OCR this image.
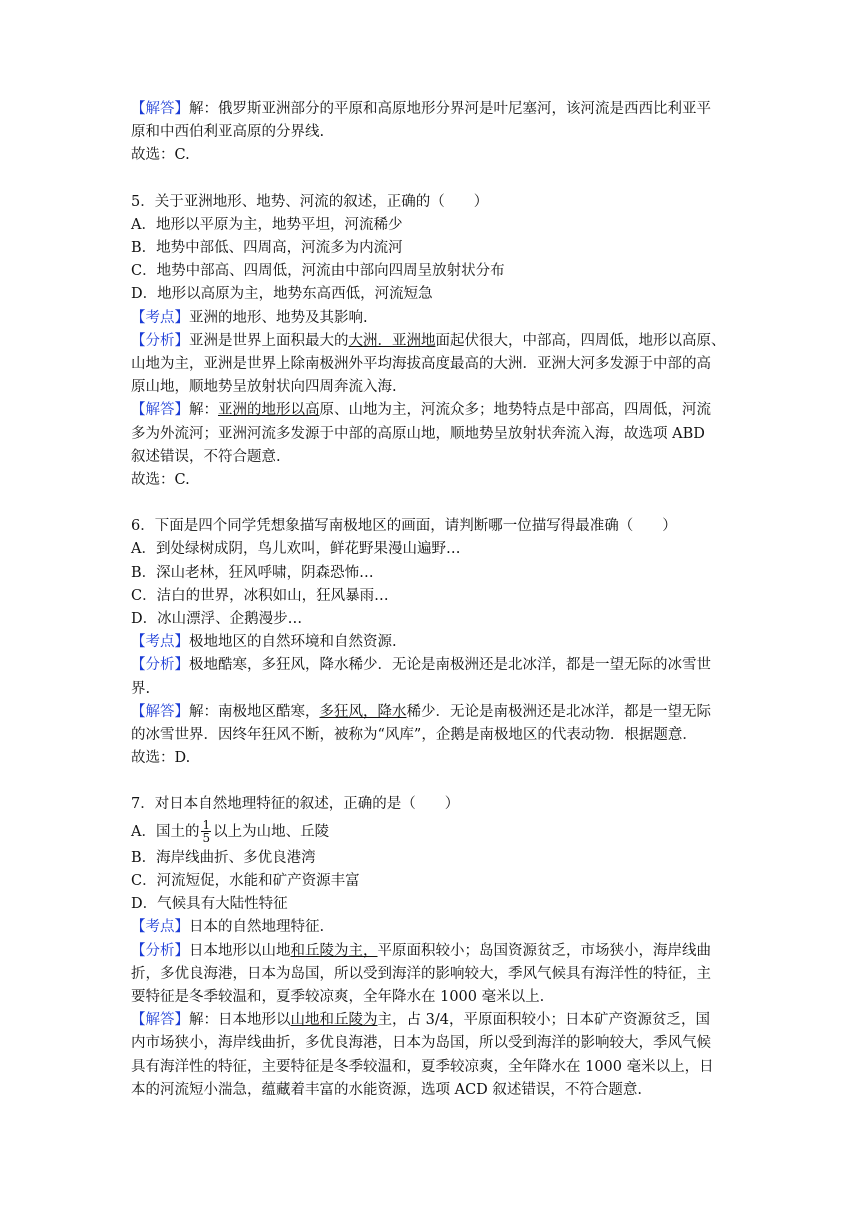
【解答】解：俄罗斯亚洲部分的平原和高原地形分界河是叶尼塞河，该河流是西西比利亚平
原和中西伯利亚高原的分界线.
故选：C.
5．关于亚洲地形、地势、河流的叙述，正确的（　　）
A．地形以平原为主，地势平坦，河流稀少
B．地势中部低、四周高，河流多为内流河
C．地势中部高、四周低，河流由中部向四周呈放射状分布
D．地形以高原为主，地势东高西低，河流短急
【考点】亚洲的地形、地势及其影响.
【分析】亚洲是世界上面积最大的大洲．亚洲地面起伏很大，中部高，四周低，地形以高原、
山地为主，亚洲是世界上除南极洲外平均海拔高度最高的大洲．亚洲大河多发源于中部的高
原山地，顺地势呈放射状向四周奔流入海.
【解答】解：亚洲的地形以高原、山地为主，河流众多；地势特点是中部高，四周低，河流
多为外流河；亚洲河流多发源于中部的高原山地，顺地势呈放射状奔流入海，故选项 ABD
叙述错误，不符合题意.
故选：C.
6．下面是四个同学凭想象描写南极地区的画面，请判断哪一位描写得最准确（　　）
A．到处绿树成阴，鸟儿欢叫，鲜花野果漫山遍野…
B．深山老林，狂风呼啸，阴森恐怖…
C．洁白的世界，冰积如山，狂风暴雨…
D．冰山漂浮、企鹅漫步…
【考点】极地地区的自然环境和自然资源.
【分析】极地酷寒，多狂风，降水稀少．无论是南极洲还是北冰洋，都是一望无际的冰雪世
界.
【解答】解：南极地区酷寒，多狂风，降水稀少．无论是南极洲还是北冰洋，都是一望无际
的冰雪世界．因终年狂风不断，被称为“风库”，企鹅是南极地区的代表动物．根据题意．
故选：D.
7．对日本自然地理特征的叙述，正确的是（　　）
A．国土的 $\frac{1}{5}$ 以上为山地、丘陵
B．海岸线曲折、多优良港湾
C．河流短促，水能和矿产资源丰富
D．气候具有大陆性特征
【考点】日本的自然地理特征.
【分析】日本地形以山地和丘陵为主，平原面积较小；岛国资源贫乏，市场狭小，海岸线曲
折，多优良海港，日本为岛国，所以受到海洋的影响较大，季风气候具有海洋性的特征，主
要特征是冬季较温和，夏季较凉爽，全年降水在 1000 毫米以上.
【解答】解：日本地形以山地和丘陵为主，占 3/4，平原面积较小；日本矿产资源贫乏，国
内市场狭小，海岸线曲折，多优良海港，日本为岛国，所以受到海洋的影响较大，季风气候
具有海洋性的特征，主要特征是冬季较温和，夏季较凉爽，全年降水在 1000 毫米以上，日
本的河流短小湍急，蕴藏着丰富的水能资源，选项 ACD 叙述错误，不符合题意.
